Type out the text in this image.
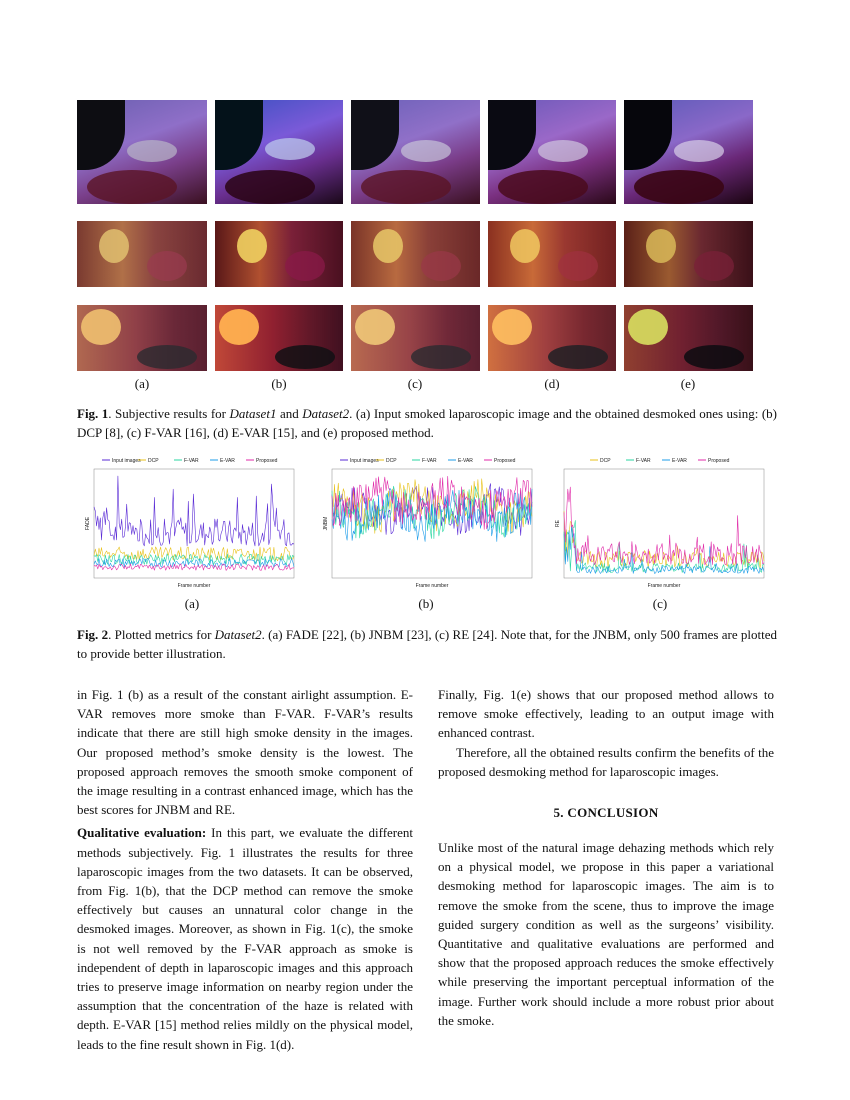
(a)	(b)	(c)	(d)	(e)
Fig. 1. Subjective results for Dataset1 and Dataset2. (a) Input smoked laparoscopic image and the obtained desmoked ones using: (b) DCP [8], (c) F-VAR [16], (d) E-VAR [15], and (e) proposed method.
Input images DCP	F-VAR	E-VAR	Proposed
FADE
Frame number
Input images DCP	F-VAR	E-VAR	Proposed
JNBM
Frame number
DCP	F-VAR	E-VAR	Proposed
RE
Frame number
(a)	(b)	(c)
Fig. 2. Plotted metrics for Dataset2. (a) FADE [22], (b) JNBM [23], (c) RE [24]. Note that, for the JNBM, only 500 frames are plotted to provide better illustration.

in Fig. 1 (b) as a result of the constant airlight assumption. E-VAR removes more smoke than F-VAR. F-VAR’s results indicate that there are still high smoke density in the images. Our proposed method’s smoke density is the lowest. The proposed approach removes the smooth smoke component of the image resulting in a contrast enhanced image, which has the best scores for JNBM and RE.

Qualitative evaluation: In this part, we evaluate the different methods subjectively. Fig. 1 illustrates the results for three laparoscopic images from the two datasets. It can be observed, from Fig. 1(b), that the DCP method can remove the smoke effectively but causes an unnatural color change in the desmoked images. Moreover, as shown in Fig. 1(c), the smoke is not well removed by the F-VAR approach as smoke is independent of depth in laparoscopic images and this approach tries to preserve image information on nearby region under the assumption that the concentration of the haze is related with depth. E-VAR [15] method relies mildly on the physical model, leads to the fine result shown in Fig. 1(d).

Finally, Fig. 1(e) shows that our proposed method allows to remove smoke effectively, leading to an output image with enhanced contrast.

Therefore, all the obtained results confirm the benefits of the proposed desmoking method for laparoscopic images.

5. CONCLUSION

Unlike most of the natural image dehazing methods which rely on a physical model, we propose in this paper a variational desmoking method for laparoscopic images. The aim is to remove the smoke from the scene, thus to improve the image guided surgery condition as well as the surgeons’ visibility. Quantitative and qualitative evaluations are performed and show that the proposed approach reduces the smoke effectively while preserving the important perceptual information of the image. Further work should include a more robust prior about the smoke.
